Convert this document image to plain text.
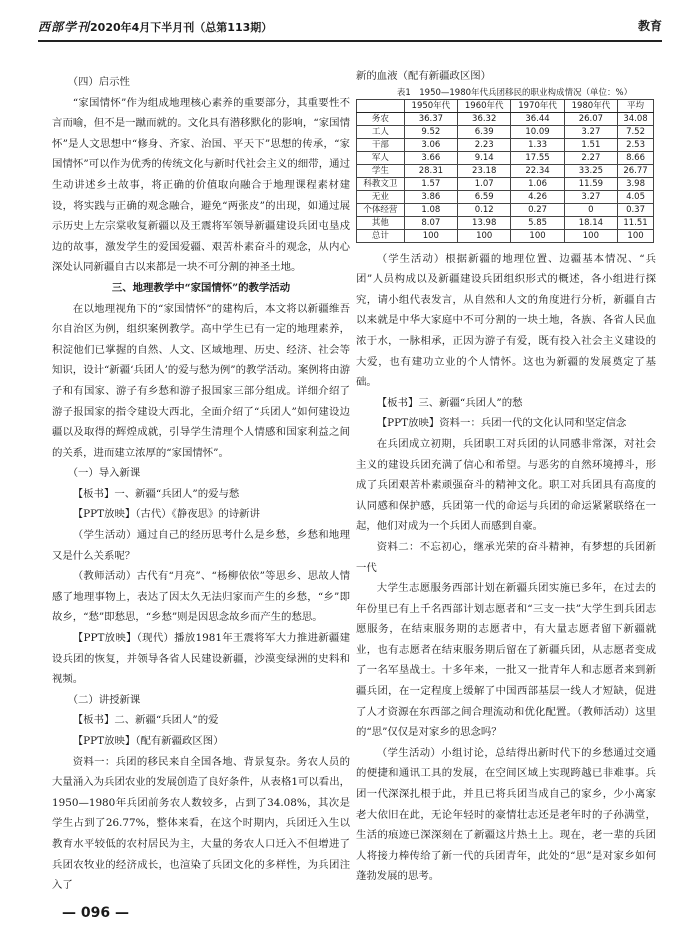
西部学刊2020年4月下半月刊（总第113期）	教育

（四）启示性

“家国情怀”作为组成地理核心素养的重要部分，其重要性不言而喻，但不是一蹴而就的。文化具有潜移默化的影响，“家国情怀”是人文思想中“修身、齐家、治国、平天下”思想的传承，“家国情怀”可以作为优秀的传统文化与新时代社会主义的细带，通过生动讲述乡土故事，将正确的价值取向融合于地理课程素材建设，将实践与正确的观念融合，避免“两张皮”的出现，如通过展示历史上左宗棠收复新疆以及王震将军领导新疆建设兵团屯垦戍边的故事，激发学生的爱国爱疆、艰苦朴素奋斗的观念，从内心深处认同新疆自古以来都是一块不可分割的神圣土地。

三、地理教学中“家国情怀”的教学活动

在以地理视角下的“家国情怀”的建构后，本文将以新疆维吾尔自治区为例，组织案例教学。高中学生已有一定的地理素养，积淀他们已掌握的自然、人文、区域地理、历史、经济、社会等知识，设计“新疆‘兵团人’的爱与愁为例”的教学活动。案例将由游子和有国家、游子有乡愁和游子报国家三部分组成。详细介绍了游子报国家的指令建设大西北，全面介绍了“兵团人”如何建设边疆以及取得的辉煌成就，引导学生清理个人情感和国家利益之间的关系，进而建立浓厚的“家国情怀”。

（一）导入新课

【板书】一、新疆“兵团人”的爱与愁

【PPT放映】（古代）《静夜思》的诗新讲

（学生活动）通过自己的经历思考什么是乡愁，乡愁和地理又是什么关系呢？

（教师活动）古代有“月亮”、“杨柳依依”等思乡、思故人情感了地理事物上，表达了因太久无法归家而产生的乡愁，“乡”即故乡，“愁”即愁思，“乡愁”则是因思念故乡而产生的愁思。

【PPT放映】（现代）播放1981年王震将军大力推进新疆建设兵团的恢复，并领导各省人民建设新疆，沙漠变绿洲的史料和视频。

（二）讲授新课

【板书】二、新疆“兵团人”的爱

【PPT放映】（配有新疆政区图）

资料一：兵团的移民来自全国各地、背景复杂。务农人员的大量涌入为兵团农业的发展创造了良好条件，从表格1可以看出，1950—1980年兵团前务农人数较多，占到了34.08%，其次是学生占到了26.77%，整体来看，在这个时期内，兵团迁入生以教育水平较低的农村居民为主，大量的务农人口迁入不但增进了兵团农牧业的经济成长，也渲染了兵团文化的多样性，为兵团注入了

新的血液（配有新疆政区图）

表1　1950—1980年代兵团移民的职业构成情况（单位：%）

	1950年代	1960年代	1970年代	1980年代	平均
务农	36.37	36.32	36.44	26.07	34.08
工人	9.52	6.39	10.09	3.27	7.52
干部	3.06	2.23	1.33	1.51	2.53
军人	3.66	9.14	17.55	2.27	8.66
学生	28.31	23.18	22.34	33.25	26.77
科教文卫	1.57	1.07	1.06	11.59	3.98
无业	3.86	6.59	4.26	3.27	4.05
个体经营	1.08	0.12	0.27	0	0.37
其他	8.07	13.98	5.85	18.14	11.51
总计	100	100	100	100	100

（学生活动）根据新疆的地理位置、边疆基本情况、“兵团”人员构成以及新疆建设兵团组织形式的概述，各小组进行探究，请小组代表发言，从自然和人文的角度进行分析，新疆自古以来就是中华大家庭中不可分割的一块土地，各族、各省人民血浓于水，一脉相承，正因为游子有爱，既有投入社会主义建设的大爱，也有建功立业的个人情怀。这也为新疆的发展奠定了基础。

【板书】三、新疆“兵团人”的愁

【PPT放映】资料一：兵团一代的文化认同和坚定信念

在兵团成立初期，兵团职工对兵团的认同感非常深，对社会主义的建设兵团充满了信心和希望。与恶劣的自然环境搏斗，形成了兵团艰苦朴素顽强奋斗的精神文化。职工对兵团具有高度的认同感和保护感，兵团第一代的命运与兵团的命运紧紧联络在一起，他们对成为一个兵团人而感到自豪。

资料二：不忘初心，继承光荣的奋斗精神，有梦想的兵团新一代

大学生志愿服务西部计划在新疆兵团实施已多年，在过去的年份里已有上千名西部计划志愿者和“三支一扶”大学生到兵团志愿服务，在结束服务期的志愿者中，有大量志愿者留下新疆就业，也有志愿者在结束服务期后留在了新疆兵团，从志愿者变成了一名军垦战士。十多年来，一批又一批青年人和志愿者来到新疆兵团，在一定程度上缓解了中国西部基层一线人才短缺，促进了人才资源在东西部之间合理流动和优化配置。（教师活动）这里的“思”仅仅是对家乡的思念吗？

（学生活动）小组讨论，总结得出新时代下的乡愁通过交通的便捷和通讯工具的发展，在空间区域上实现跨越已非难事。兵团一代深深扎根于此，并且已将兵团当成自己的家乡，少小离家老大依旧在此，无论年轻时的豪情壮志还是老年时的子孙满堂，生活的痕迹已深深刻在了新疆这片热土上。现在，老一辈的兵团人将接力棒传给了新一代的兵团青年，此处的“思”是对家乡如何蓬勃发展的思考。

— 096 —
